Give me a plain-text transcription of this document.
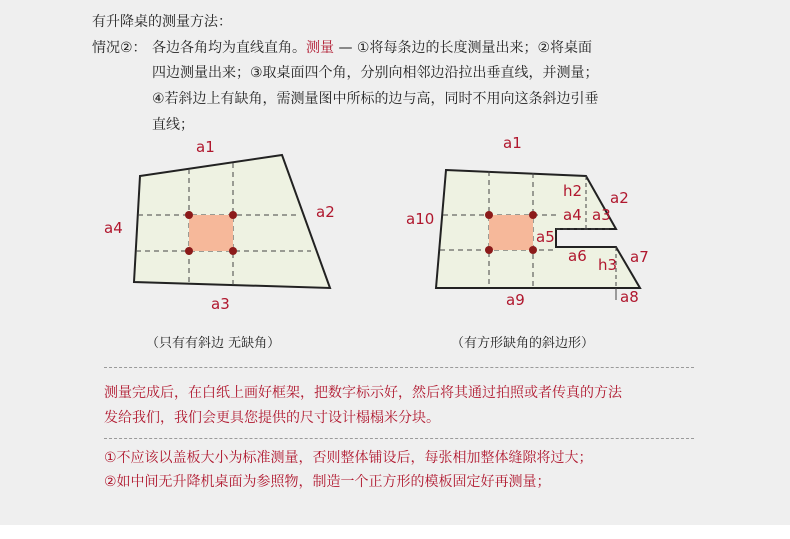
有升降桌的测量方法：
情况②： 各边各角均为直线直角。测量 — ①将每条边的长度测量出来；②将桌面
四边测量出来；③取桌面四个角，分别向相邻边沿拉出垂直线，并测量；
④若斜边上有缺角，需测量图中所标的边与高，同时不用向这条斜边引垂
直线；
a1
a2
a3
a4
a1
h2 a2
a4 a3
a10
a5
a6 h3 a7
a9	a8
（只有有斜边 无缺角）	（有方形缺角的斜边形）
测量完成后，在白纸上画好框架，把数字标示好，然后将其通过拍照或者传真的方法
发给我们，我们会更具您提供的尺寸设计榻榻米分块。
①不应该以盖板大小为标准测量，否则整体铺设后，每张相加整体缝隙将过大；
②如中间无升降机桌面为参照物，制造一个正方形的模板固定好再测量；
